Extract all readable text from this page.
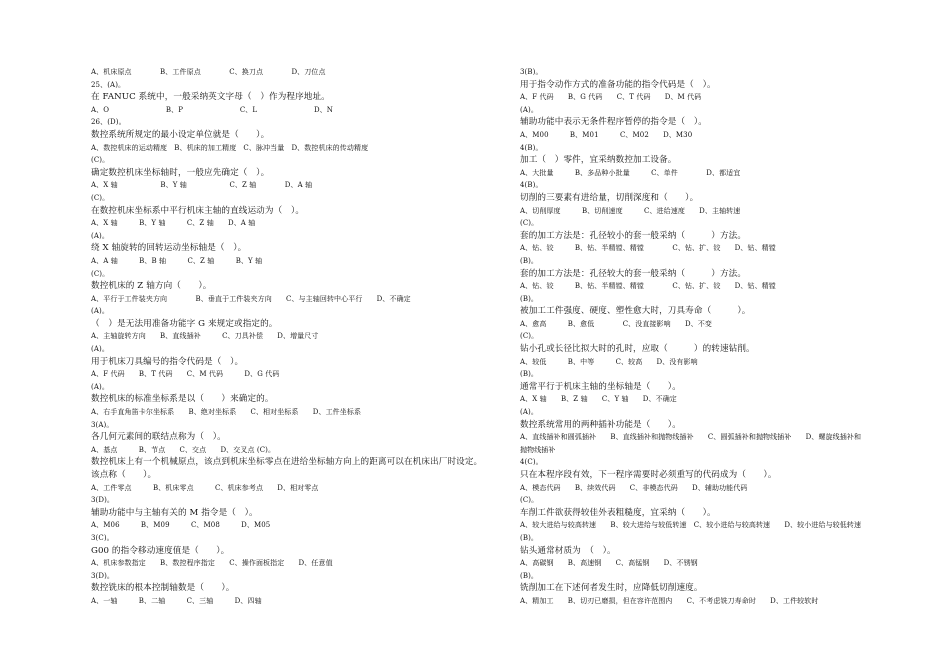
A、机床原点　　　　B、工件原点　　　　C、换刀点　　　　D、刀位点
25、(A)。
在 FANUC 系统中，一般采纳英文字母（　）作为程序地址。
A、O　　　　　　　　B、P　　　　　　　　C、L　　　　　　　　D、N
26、(D)。
数控系统所规定的最小设定单位就是（　　）。
A、数控机床的运动精度　B、机床的加工精度　C、脉冲当量　D、数控机床的传动精度
(C)。
确定数控机床坐标轴时，一般应先确定（　）。
A、X 轴　　　　　　B、Y 轴　　　　　　C、Z 轴　　　　D、A 轴
(C)。
在数控机床坐标系中平行机床主轴的直线运动为（　）。
A、X 轴　　　B、Y 轴　　　C、Z 轴　　D、A 轴
(A)。
绕 X 轴旋转的回转运动坐标轴是（　）。
A、A 轴　　　B、B 轴　　　C、Z 轴　　　B、Y 轴
(C)。
数控机床的 Z 轴方向（　　）。
A、平行于工件装夹方向　　　　B、垂直于工件装夹方向　　C、与主轴回转中心平行　　D、不确定
(A)。
（　）是无法用准备功能字 G 来规定或指定的。
A、主轴旋转方向　　B、直线插补　　　C、刀具补偿　　D、增量尺寸
(A)。
用于机床刀具编号的指令代码是（　）。
A、F 代码　　B、T 代码　　C、M 代码　　　D、G 代码
(A)。
数控机床的标准坐标系是以（　　）来确定的。
A、右手直角笛卡尔坐标系　　B、绝对坐标系　　C、相对坐标系　　D、工件坐标系
3(A)。
各几何元素间的联结点称为（　）。
A、基点　　　B、节点　　C、交点　　D、交叉点 (C)。
数控机床上有一个机械原点，该点到机床坐标零点在进给坐标轴方向上的距离可以在机床出厂时设定。
该点称（　　）。
A、工件零点　　　B、机床零点　　　C、机床参考点　　D、相对零点
3(D)。
辅助功能中与主轴有关的 M 指令是（　）。
A、M06　　　B、M09　　　C、M08　　　D、M05
3(C)。
G00 的指令移动速度值是（　　）。
A、机床参数指定　　B、数控程序指定　　C、操作面板指定　　D、任意值
3(D)。
数控铣床的根本控制轴数是（　　）。
A、一轴　　　B、二轴　　　C、三轴　　　D、四轴
3(B)。
用于指令动作方式的准备功能的指令代码是（　）。
A、F 代码　　B、G 代码　　C、T 代码　　D、M 代码
(A)。
辅助功能中表示无条件程序暂停的指令是（　）。
A、M00　　　B、M01　　　C、M02　　D、M30
4(B)。
加工（　）零件，宜采纳数控加工设备。
A、大批量　　　B、多品种小批量　　　C、单件　　　　D、都适宜
4(B)。
切削的三要素有进给量，切削深度和（　　）。
A、切削厚度　　　B、切削速度　　　C、进给速度　　D、主轴转速
(C)。
套的加工方法是：孔径较小的套一般采纳（　　　）方法。
A、钻、铰　　　B、钻、半精镗、精镗　　　　C、钻、扩、铰　　D、钻、精镗
(B)。
套的加工方法是：孔径较大的套一般采纳（　　　）方法。
A、钻、铰　　　B、钻、半精镗、精镗　　　　C、钻、扩、铰　　D、钻、精镗
(B)。
被加工工件强度、硬度、塑性愈大时，刀具寿命（　　　）。
A、愈高　　　B、愈低　　　　C、没直接影响　　D、不变
(C)。
钻小孔或长径比拟大时的孔时，应取（　　　）的转速钻削。
A、较低　　　B、中等　　　C、较高　　D、没有影响
(B)。
通常平行于机床主轴的坐标轴是（　　）。
A、X 轴　　B、Z 轴　　C、Y 轴　　D、不确定
(A)。
数控系统常用的两种插补功能是（　　）。
A、直线插补和圆弧插补　　B、直线插补和抛物线插补　　C、圆弧插补和抛物线插补　　D、螺旋线插补和
抛物线插补
4(C)。
只在本程序段有效，下一程序需要时必须重写的代码成为（　　）。
A、模态代码　　B、续效代码　　C、非模态代码　　D、辅助功能代码
(C)。
车削工件欲获得较佳外表粗糙度，宜采纳（　　）。
A、较大进给与较高转速　　B、较大进给与较低转速　C、较小进给与较高转速　　D、较小进给与较低转速
(B)。
钻头通常材质为　（　）。
A、高碳钢　　B、高速钢　　C、高锰钢　　D、不锈钢
(B)。
铣削加工在下述何者发生时，应降低切削速度。
A、精加工　　B、切刃已磨损，但在容许范围内　　C、不考虑铣刀寿命时　　D、工件较软时
